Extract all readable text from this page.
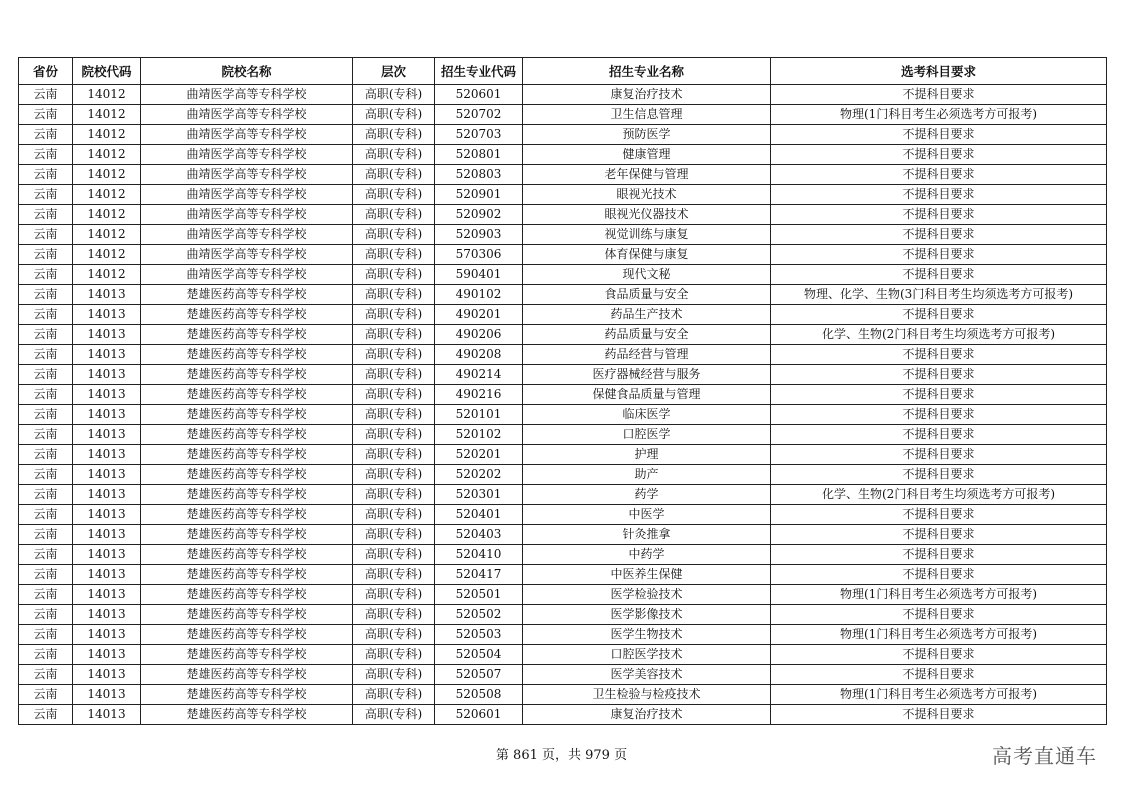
省份	院校代码	院校名称	层次	招生专业代码	招生专业名称	选考科目要求
云南	14012	曲靖医学高等专科学校	高职(专科)	520601	康复治疗技术	不提科目要求
云南	14012	曲靖医学高等专科学校	高职(专科)	520702	卫生信息管理	物理(1门科目考生必须选考方可报考)
云南	14012	曲靖医学高等专科学校	高职(专科)	520703	预防医学	不提科目要求
云南	14012	曲靖医学高等专科学校	高职(专科)	520801	健康管理	不提科目要求
云南	14012	曲靖医学高等专科学校	高职(专科)	520803	老年保健与管理	不提科目要求
云南	14012	曲靖医学高等专科学校	高职(专科)	520901	眼视光技术	不提科目要求
云南	14012	曲靖医学高等专科学校	高职(专科)	520902	眼视光仪器技术	不提科目要求
云南	14012	曲靖医学高等专科学校	高职(专科)	520903	视觉训练与康复	不提科目要求
云南	14012	曲靖医学高等专科学校	高职(专科)	570306	体育保健与康复	不提科目要求
云南	14012	曲靖医学高等专科学校	高职(专科)	590401	现代文秘	不提科目要求
云南	14013	楚雄医药高等专科学校	高职(专科)	490102	食品质量与安全	物理、化学、生物(3门科目考生均须选考方可报考)
云南	14013	楚雄医药高等专科学校	高职(专科)	490201	药品生产技术	不提科目要求
云南	14013	楚雄医药高等专科学校	高职(专科)	490206	药品质量与安全	化学、生物(2门科目考生均须选考方可报考)
云南	14013	楚雄医药高等专科学校	高职(专科)	490208	药品经营与管理	不提科目要求
云南	14013	楚雄医药高等专科学校	高职(专科)	490214	医疗器械经营与服务	不提科目要求
云南	14013	楚雄医药高等专科学校	高职(专科)	490216	保健食品质量与管理	不提科目要求
云南	14013	楚雄医药高等专科学校	高职(专科)	520101	临床医学	不提科目要求
云南	14013	楚雄医药高等专科学校	高职(专科)	520102	口腔医学	不提科目要求
云南	14013	楚雄医药高等专科学校	高职(专科)	520201	护理	不提科目要求
云南	14013	楚雄医药高等专科学校	高职(专科)	520202	助产	不提科目要求
云南	14013	楚雄医药高等专科学校	高职(专科)	520301	药学	化学、生物(2门科目考生均须选考方可报考)
云南	14013	楚雄医药高等专科学校	高职(专科)	520401	中医学	不提科目要求
云南	14013	楚雄医药高等专科学校	高职(专科)	520403	针灸推拿	不提科目要求
云南	14013	楚雄医药高等专科学校	高职(专科)	520410	中药学	不提科目要求
云南	14013	楚雄医药高等专科学校	高职(专科)	520417	中医养生保健	不提科目要求
云南	14013	楚雄医药高等专科学校	高职(专科)	520501	医学检验技术	物理(1门科目考生必须选考方可报考)
云南	14013	楚雄医药高等专科学校	高职(专科)	520502	医学影像技术	不提科目要求
云南	14013	楚雄医药高等专科学校	高职(专科)	520503	医学生物技术	物理(1门科目考生必须选考方可报考)
云南	14013	楚雄医药高等专科学校	高职(专科)	520504	口腔医学技术	不提科目要求
云南	14013	楚雄医药高等专科学校	高职(专科)	520507	医学美容技术	不提科目要求
云南	14013	楚雄医药高等专科学校	高职(专科)	520508	卫生检验与检疫技术	物理(1门科目考生必须选考方可报考)
云南	14013	楚雄医药高等专科学校	高职(专科)	520601	康复治疗技术	不提科目要求
第 861 页，共 979 页	高考直通车
